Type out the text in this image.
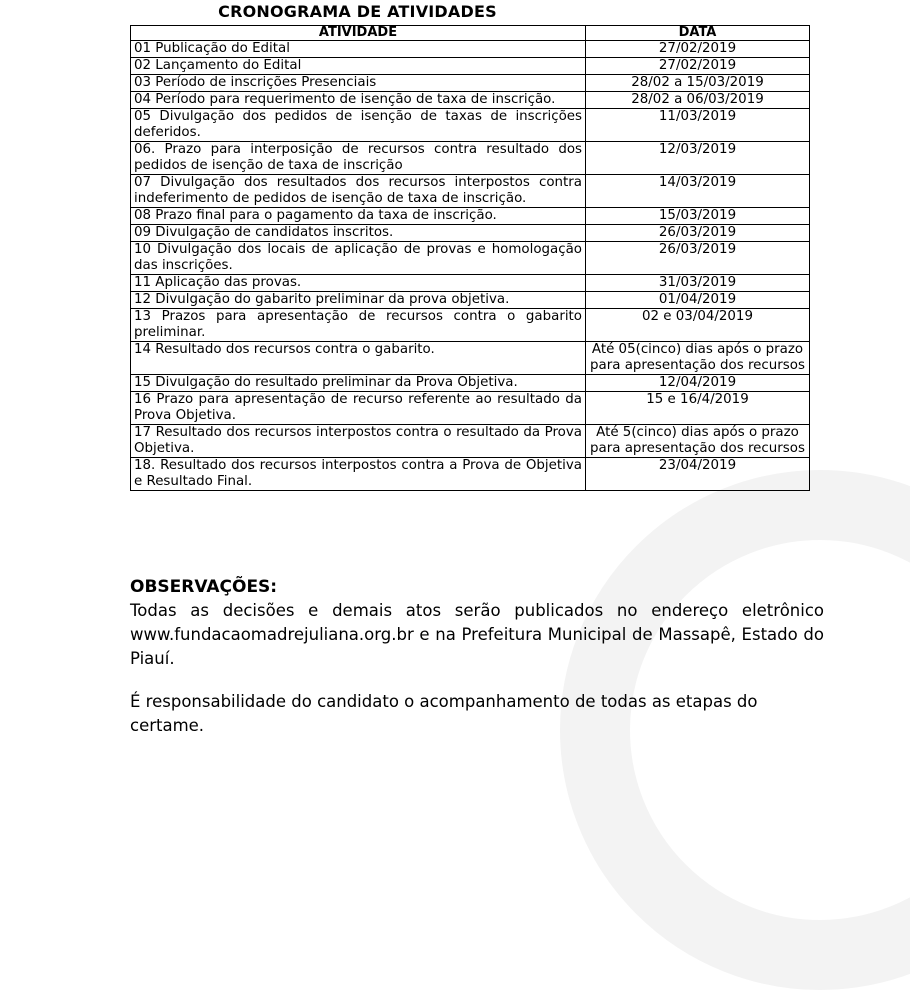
CRONOGRAMA DE ATIVIDADES
ATIVIDADE	DATA
01 Publicação do Edital	27/02/2019
02 Lançamento do Edital	27/02/2019
03 Período de inscrições Presenciais	28/02 a 15/03/2019
04 Período para requerimento de isenção de taxa de inscrição.	28/02 a 06/03/2019
05 Divulgação dos pedidos de isenção de taxas de inscrições deferidos.	11/03/2019
06. Prazo para interposição de recursos contra resultado dos pedidos de isenção de taxa de inscrição	12/03/2019
07 Divulgação dos resultados dos recursos interpostos contra indeferimento de pedidos de isenção de taxa de inscrição.	14/03/2019
08 Prazo final para o pagamento da taxa de inscrição.	15/03/2019
09 Divulgação de candidatos inscritos.	26/03/2019
10 Divulgação dos locais de aplicação de provas e homologação das inscrições.	26/03/2019
11 Aplicação das provas.	31/03/2019
12 Divulgação do gabarito preliminar da prova objetiva.	01/04/2019
13 Prazos para apresentação de recursos contra o gabarito preliminar.	02 e 03/04/2019
14 Resultado dos recursos contra o gabarito.	Até 05(cinco) dias após o prazo para apresentação dos recursos
15 Divulgação do resultado preliminar da Prova Objetiva.	12/04/2019
16 Prazo para apresentação de recurso referente ao resultado da Prova Objetiva.	15 e 16/4/2019
17 Resultado dos recursos interpostos contra o resultado da Prova Objetiva.	Até 5(cinco) dias após o prazo para apresentação dos recursos
18. Resultado dos recursos interpostos contra a Prova de Objetiva e Resultado Final.	23/04/2019
OBSERVAÇÕES:

Todas as decisões e demais atos serão publicados no endereço eletrônico www.fundacaomadrejuliana.org.br e na Prefeitura Municipal de Massapê, Estado do Piauí.

É responsabilidade do candidato o acompanhamento de todas as etapas do certame.
